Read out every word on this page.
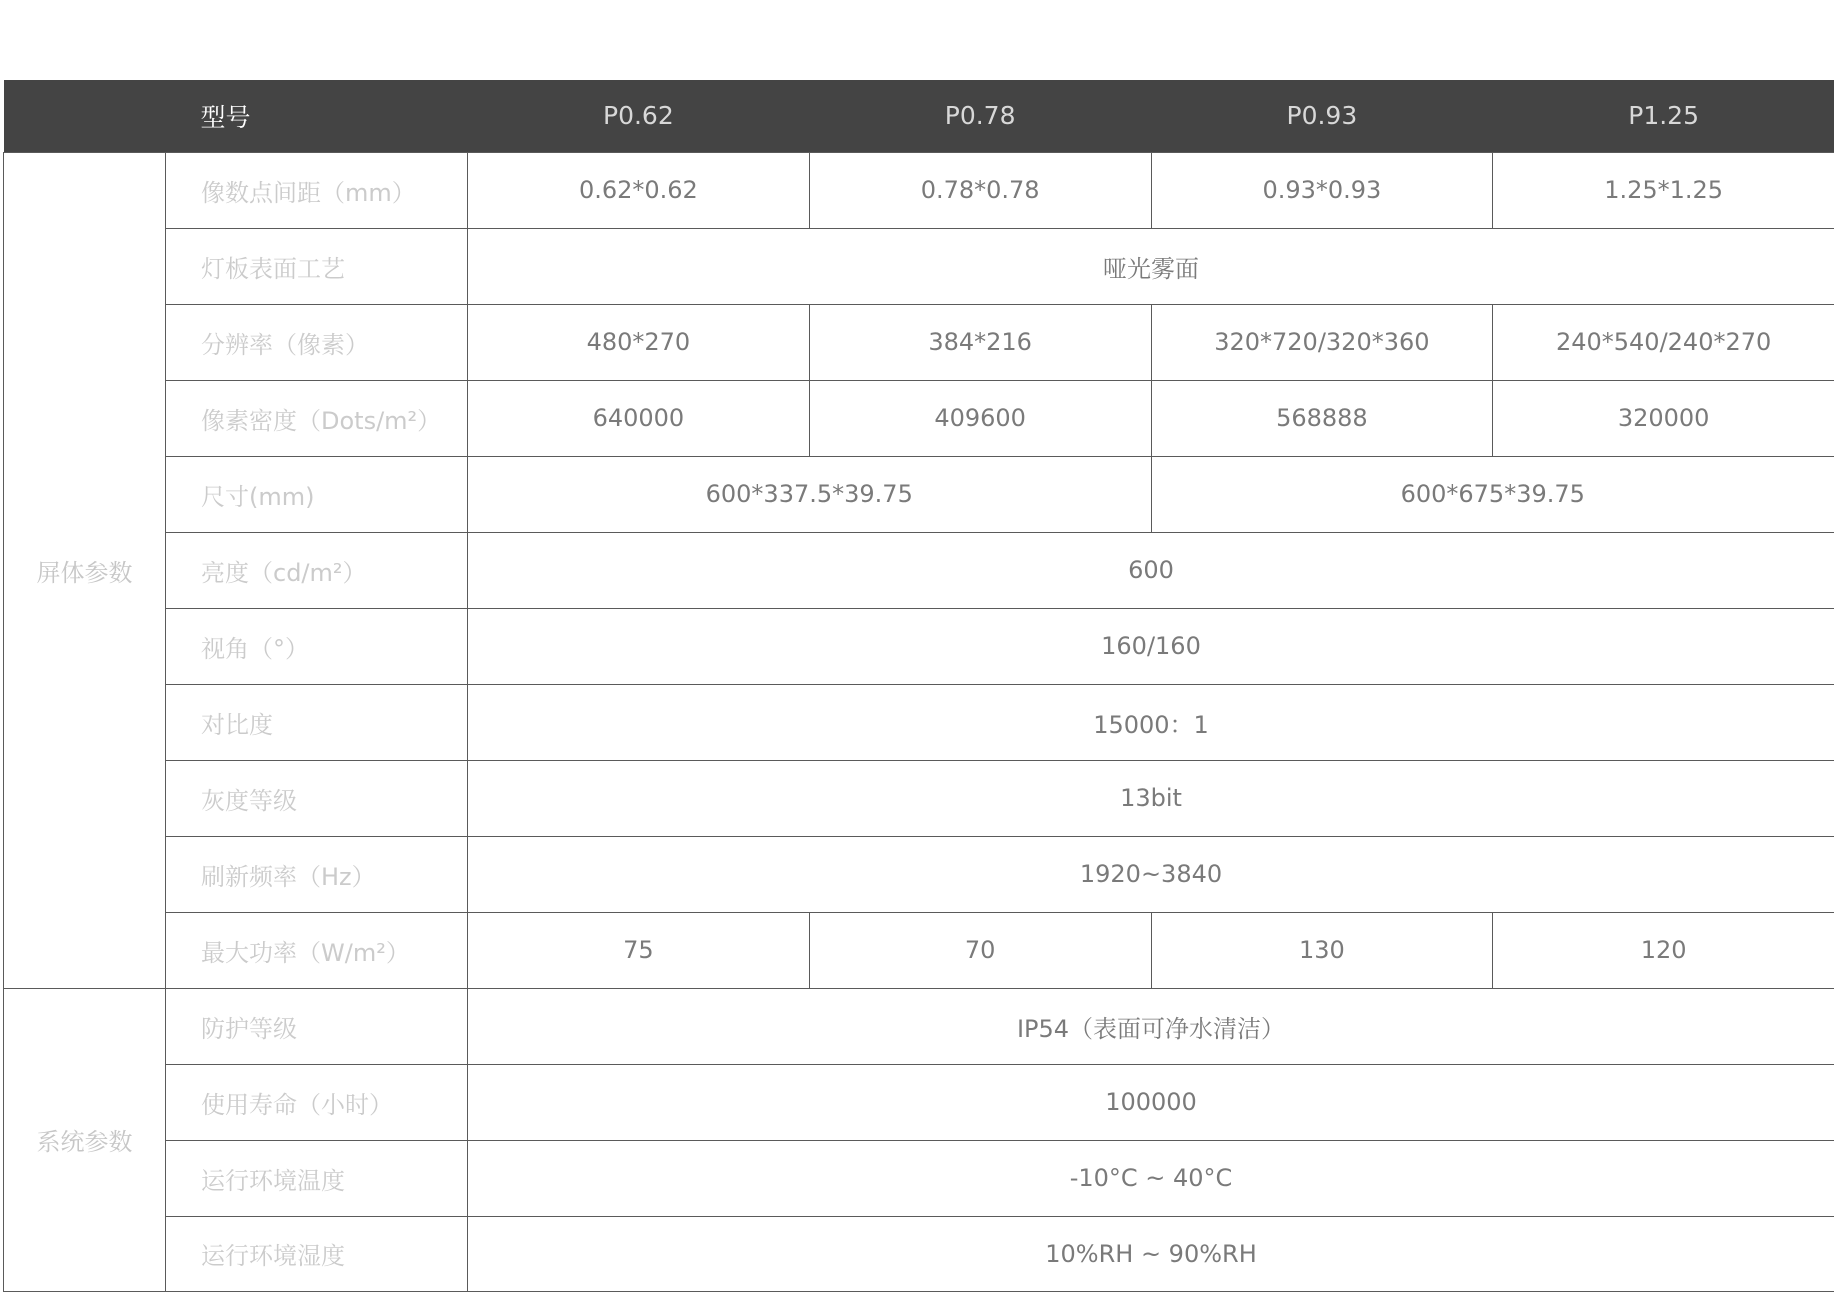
	型号	P0.62	P0.78	P0.93	P1.25
屏体参数	像数点间距（mm）	0.62*0.62	0.78*0.78	0.93*0.93	1.25*1.25
	灯板表面工艺	哑光雾面			
	分辨率（像素）	480*270	384*216	320*720/320*360	240*540/240*270
	像素密度（Dots/m²）	640000	409600	568888	320000
	尺寸(mm)	600*337.5*39.75		600*675*39.75	
	亮度（cd/m²）	600			
	视角（°）	160/160			
	对比度	15000：1			
	灰度等级	13bit			
	刷新频率（Hz）	1920~3840			
	最大功率（W/m²）	75	70	130	120
系统参数	防护等级	IP54（表面可净水清洁）			
	使用寿命（小时）	100000			
	运行环境温度	-10°C ~ 40°C			
	运行环境湿度	10%RH ~ 90%RH			
